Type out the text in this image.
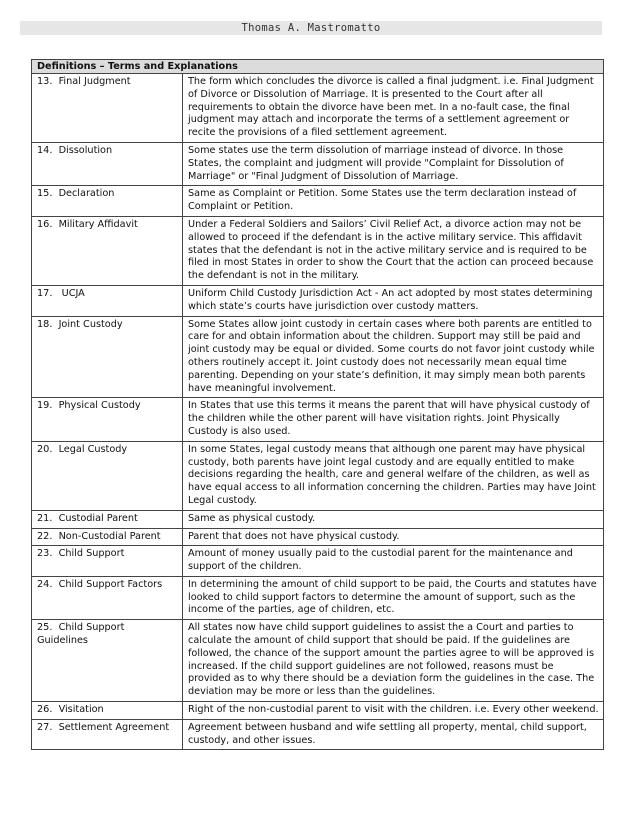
Thomas A. Mastromatto
Definitions – Terms and Explanations	
13.  Final Judgment	The form which concludes the divorce is called a final judgment. i.e. Final Judgment of Divorce or Dissolution of Marriage. It is presented to the Court after all requirements to obtain the divorce have been met. In a no-fault case, the final judgment may attach and incorporate the terms of a settlement agreement or recite the provisions of a filed settlement agreement.
14.  Dissolution	Some states use the term dissolution of marriage instead of divorce. In those States, the complaint and judgment will provide "Complaint for Dissolution of Marriage" or "Final Judgment of Dissolution of Marriage.
15.  Declaration	Same as Complaint or Petition. Some States use the term declaration instead of Complaint or Petition.
16.  Military Affidavit	Under a Federal Soldiers and Sailors’ Civil Relief Act, a divorce action may not be allowed to proceed if the defendant is in the active military service. This affidavit states that the defendant is not in the active military service and is required to be filed in most States in order to show the Court that the action can proceed because the defendant is not in the military.
17.   UCJA	Uniform Child Custody Jurisdiction Act - An act adopted by most states determining which state’s courts have jurisdiction over custody matters.
18.  Joint Custody	Some States allow joint custody in certain cases where both parents are entitled to care for and obtain information about the children. Support may still be paid and joint custody may be equal or divided. Some courts do not favor joint custody while others routinely accept it. Joint custody does not necessarily mean equal time parenting. Depending on your state’s definition, it may simply mean both parents have meaningful involvement.
19.  Physical Custody	In States that use this terms it means the parent that will have physical custody of the children while the other parent will have visitation rights. Joint Physically Custody is also used.
20.  Legal Custody	In some States, legal custody means that although one parent may have physical custody, both parents have joint legal custody and are equally entitled to make decisions regarding the health, care and general welfare of the children, as well as have equal access to all information concerning the children. Parties may have Joint Legal custody.
21.  Custodial Parent	Same as physical custody.
22.  Non-Custodial Parent	Parent that does not have physical custody.
23.  Child Support	Amount of money usually paid to the custodial parent for the maintenance and support of the children.
24.  Child Support Factors	In determining the amount of child support to be paid, the Courts and statutes have looked to child support factors to determine the amount of support, such as the income of the parties, age of children, etc.
25.  Child Support Guidelines	All states now have child support guidelines to assist the a Court and parties to calculate the amount of child support that should be paid. If the guidelines are followed, the chance of the support amount the parties agree to will be approved is increased. If the child support guidelines are not followed, reasons must be provided as to why there should be a deviation form the guidelines in the case. The deviation may be more or less than the guidelines.
26.  Visitation	Right of the non-custodial parent to visit with the children. i.e. Every other weekend.
27.  Settlement Agreement	Agreement between husband and wife settling all property, mental, child support, custody, and other issues.
